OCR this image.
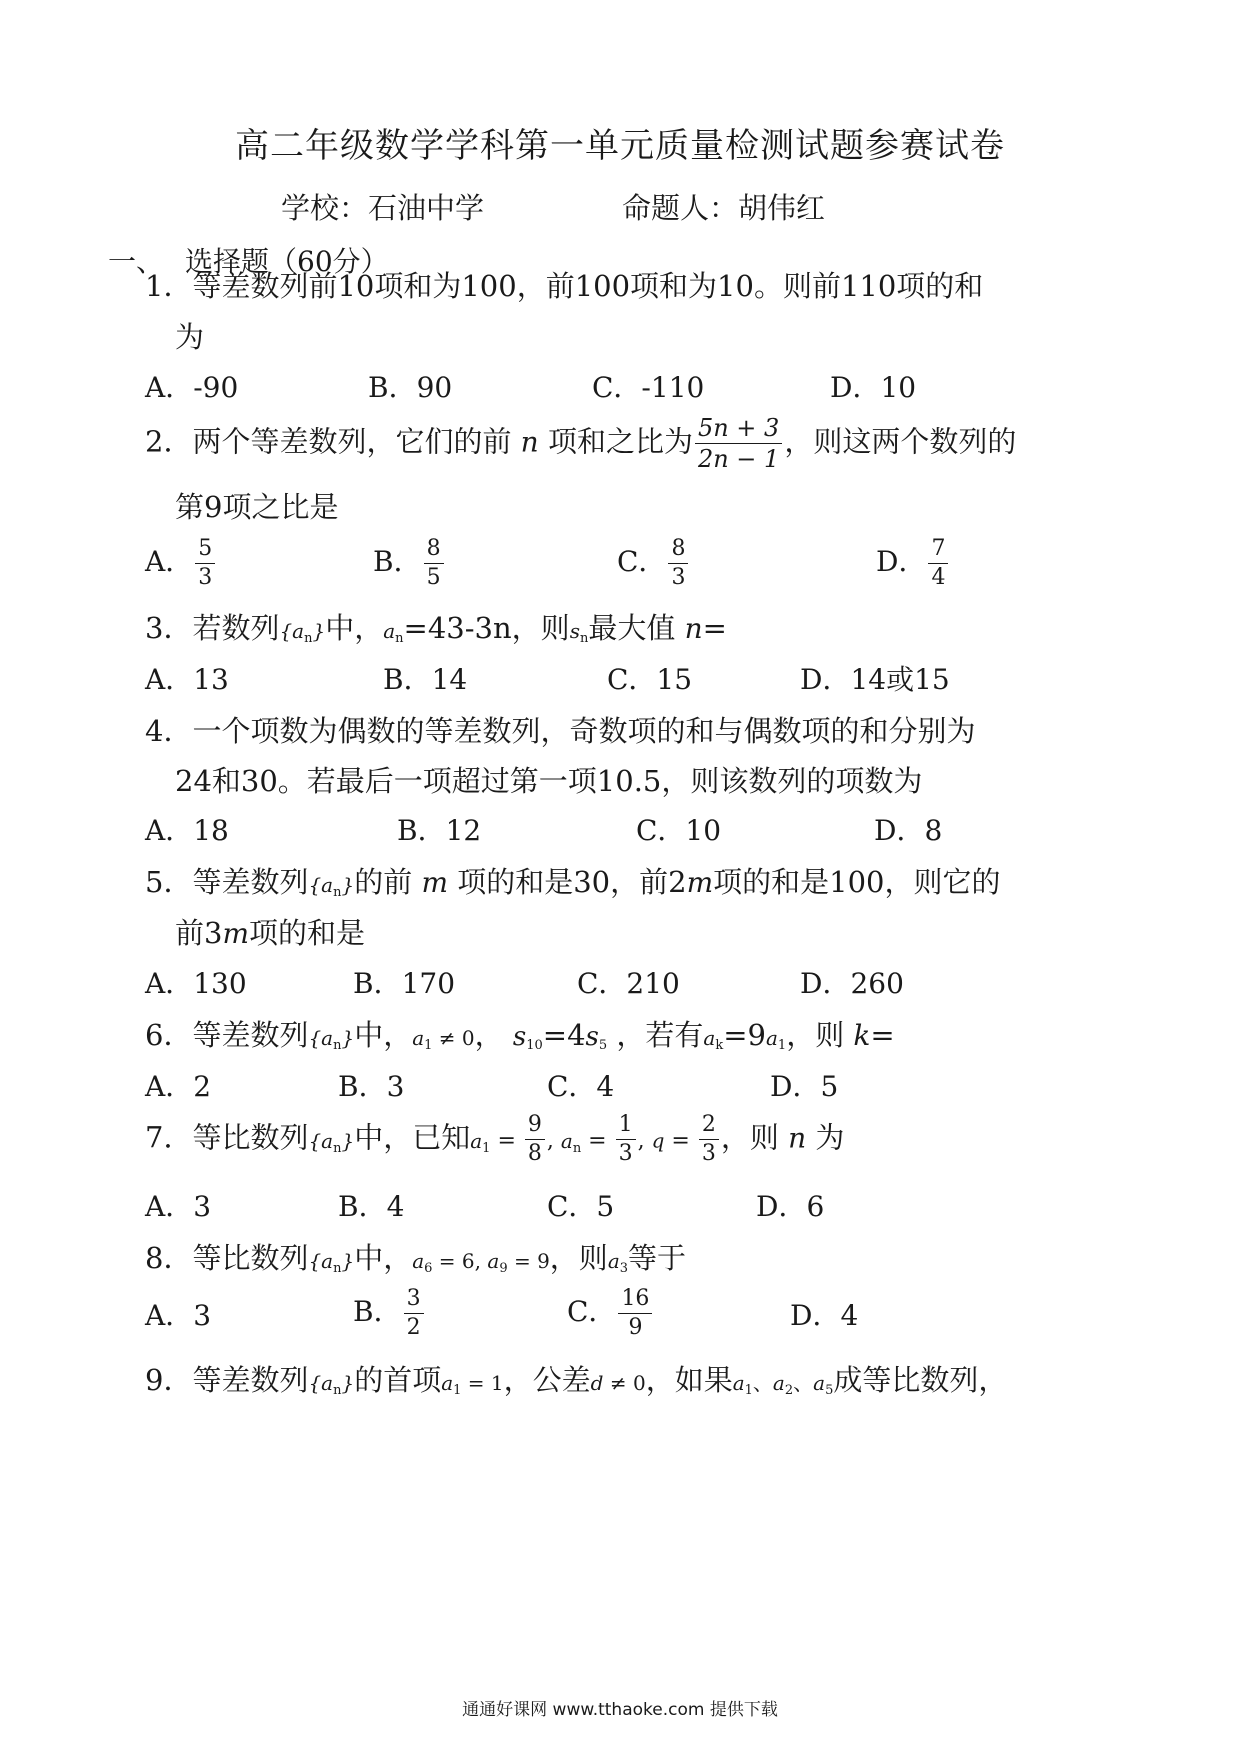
高二年级数学学科第一单元质量检测试题参赛试卷
学校：石油中学	命题人：胡伟红
一、 选择题（60分）
1．等差数列前10项和为100，前100项和为10。则前110项的和
为
A．-90	B．90	C．-110	D．10
2．两个等差数列，它们的前 n 项和之比为 $\frac{5n + 3}{2n - 1}$ ，则这两个数列的
第9项之比是
A． $\frac{5}{3}$	B． $\frac{8}{5}$	C． $\frac{8}{3}$	D． $\frac{7}{4}$
3．若数列$\{a_n\}$中，$a_n=43-3n$，则$s_n$最大值 n=
A．13	B．14	C．15	D．14或15
4．一个项数为偶数的等差数列，奇数项的和与偶数项的和分别为
24和30。若最后一项超过第一项10.5，则该数列的项数为
A．18	B．12	C．10	D．8
5．等差数列$\{a_n\}$的前 m 项的和是30，前2m项的和是100，则它的
前3m项的和是
A．130	B．170	C．210	D．260
6．等差数列$\{a_n\}$中，$a_1 \ne 0$， $s_{10}=4s_5$ ，若有$a_k=9a_1$，则 k=
A．2	B．3	C．4	D．5
7．等比数列$\{a_n\}$中，已知$a_1 = \frac{9}{8}$ , $a_n = \frac{1}{3}$ , $q = \frac{2}{3}$ ，则 n 为
A．3	B．4	C．5	D．6
8．等比数列$\{a_n\}$中，$a_6 = 6$, $a_9 = 9$，则$a_3$等于
A．3	B． $\frac{3}{2}$	C． $\frac{16}{9}$	D．4
9．等差数列$\{a_n\}$的首项$a_1 = 1$，公差d ≠ 0，如果$a_1$、$a_2$、$a_5$成等比数列，
通通好课网 www.tthaoke.com 提供下载
